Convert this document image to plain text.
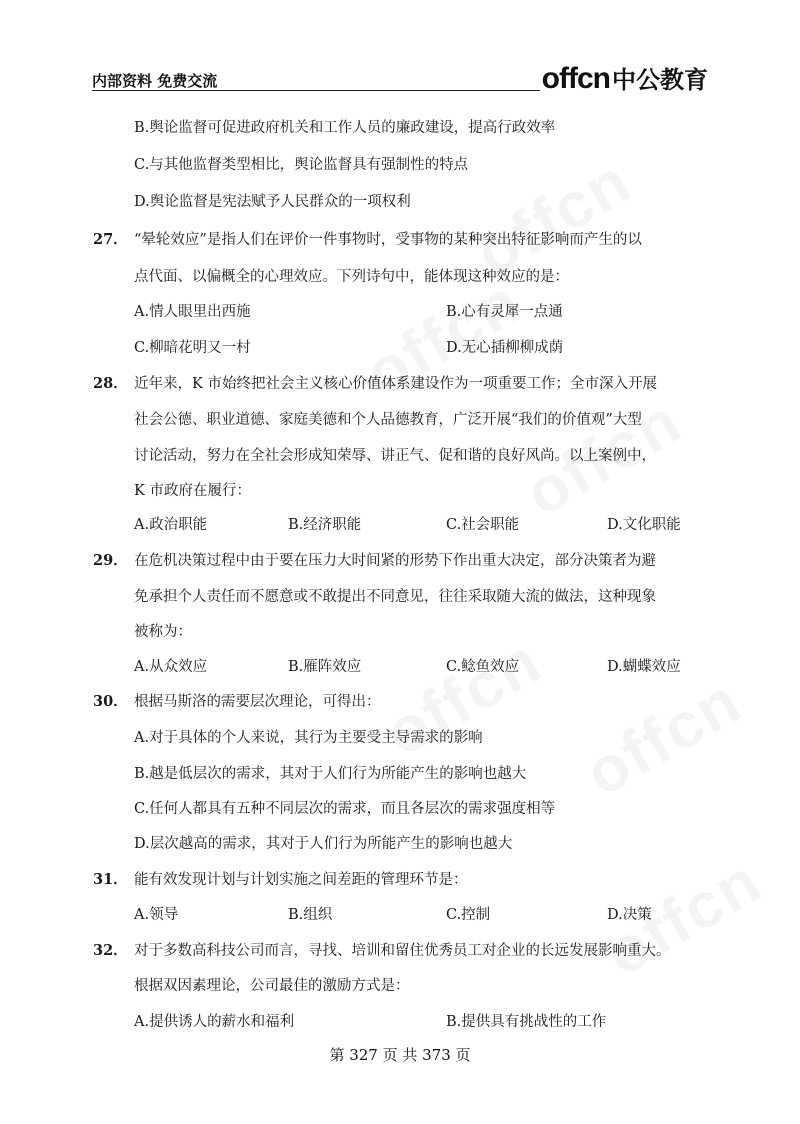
内部资料 免费交流	offcn中公教育
B.舆论监督可促进政府机关和工作人员的廉政建设，提高行政效率
C.与其他监督类型相比，舆论监督具有强制性的特点
D.舆论监督是宪法赋予人民群众的一项权利
27． “晕轮效应”是指人们在评价一件事物时，受事物的某种突出特征影响而产生的以
点代面、以偏概全的心理效应。下列诗句中，能体现这种效应的是：
A.情人眼里出西施	B.心有灵犀一点通
C.柳暗花明又一村	D.无心插柳柳成荫
28． 近年来，K 市始终把社会主义核心价值体系建设作为一项重要工作；全市深入开展
社会公德、职业道德、家庭美德和个人品德教育，广泛开展“我们的价值观”大型
讨论活动，努力在全社会形成知荣辱、讲正气、促和谐的良好风尚。以上案例中，
K 市政府在履行：
A.政治职能	B.经济职能	C.社会职能	D.文化职能
29． 在危机决策过程中由于要在压力大时间紧的形势下作出重大决定，部分决策者为避
免承担个人责任而不愿意或不敢提出不同意见，往往采取随大流的做法，这种现象
被称为：
A.从众效应	B.雁阵效应	C.鲶鱼效应	D.蝴蝶效应
30． 根据马斯洛的需要层次理论，可得出：
A.对于具体的个人来说，其行为主要受主导需求的影响
B.越是低层次的需求，其对于人们行为所能产生的影响也越大
C.任何人都具有五种不同层次的需求，而且各层次的需求强度相等
D.层次越高的需求，其对于人们行为所能产生的影响也越大
31． 能有效发现计划与计划实施之间差距的管理环节是：
A.领导	B.组织	C.控制	D.决策
32． 对于多数高科技公司而言，寻找、培训和留住优秀员工对企业的长远发展影响重大。
根据双因素理论，公司最佳的激励方式是：
A.提供诱人的薪水和福利	B.提供具有挑战性的工作
第 327 页 共 373 页
